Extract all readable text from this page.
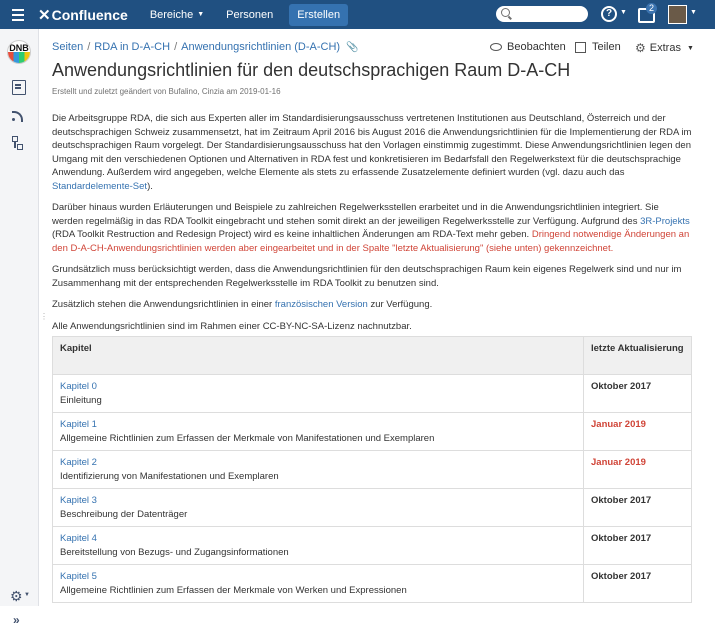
✕ Confluence Bereiche ▼ Personen	Erstellen	?	▼	2	▼
DNB
⚙ ▼
»
⋮
Seiten / RDA in D-A-CH / Anwendungsrichtlinien (D-A-CH) 📎	Beobachten Teilen ⚙ Extras ▼
Anwendungsrichtlinien für den deutschsprachigen Raum D-A-CH
Erstellt und zuletzt geändert von Bufalino, Cinzia am 2019-01-16

Die Arbeitsgruppe RDA, die sich aus Experten aller im Standardisierungsausschuss vertretenen Institutionen aus Deutschland, Österreich und der deutschsprachigen Schweiz zusammensetzt, hat im Zeitraum April 2016 bis August 2016 die Anwendungsrichtlinien für die Implementierung der RDA im deutschsprachigen Raum vorgelegt. Der Standardisierungsausschuss hat den Vorlagen einstimmig zugestimmt. Diese Anwendungsrichtlinien legen den Umgang mit den verschiedenen Optionen und Alternativen in RDA fest und konkretisieren im Bedarfsfall den Regelwerkstext für die deutschsprachige Anwendung. Außerdem wird angegeben, welche Elemente als stets zu erfassende Zusatzelemente definiert wurden (vgl. dazu auch das Standardelemente-Set).

Darüber hinaus wurden Erläuterungen und Beispiele zu zahlreichen Regelwerksstellen erarbeitet und in die Anwendungsrichtlinien integriert. Sie werden regelmäßig in das RDA Toolkit eingebracht und stehen somit direkt an der jeweiligen Regelwerksstelle zur Verfügung. Aufgrund des 3R-Projekts (RDA Toolkit Restruction and Redesign Project) wird es keine inhaltlichen Änderungen am RDA-Text mehr geben. Dringend notwendige Änderungen an den D-A-CH-Anwendungsrichtlinien werden aber eingearbeitet und in der Spalte "letzte Aktualisierung" (siehe unten) gekennzeichnet.

Grundsätzlich muss berücksichtigt werden, dass die Anwendungsrichtlinien für den deutschsprachigen Raum kein eigenes Regelwerk sind und nur im Zusammenhang mit der entsprechenden Regelwerksstelle im RDA Toolkit zu benutzen sind.

Zusätzlich stehen die Anwendungsrichtlinien in einer französischen Version zur Verfügung.

Alle Anwendungsrichtlinien sind im Rahmen einer CC-BY-NC-SA-Lizenz nachnutzbar.

Kapitel	letzte Aktualisierung
Kapitel 0
Einleitung	Oktober 2017
Kapitel 1
Allgemeine Richtlinien zum Erfassen der Merkmale von Manifestationen und Exemplaren	Januar 2019
Kapitel 2
Identifizierung von Manifestationen und Exemplaren	Januar 2019
Kapitel 3
Beschreibung der Datenträger	Oktober 2017
Kapitel 4
Bereitstellung von Bezugs- und Zugangsinformationen	Oktober 2017
Kapitel 5
Allgemeine Richtlinien zum Erfassen der Merkmale von Werken und Expressionen	Oktober 2017
